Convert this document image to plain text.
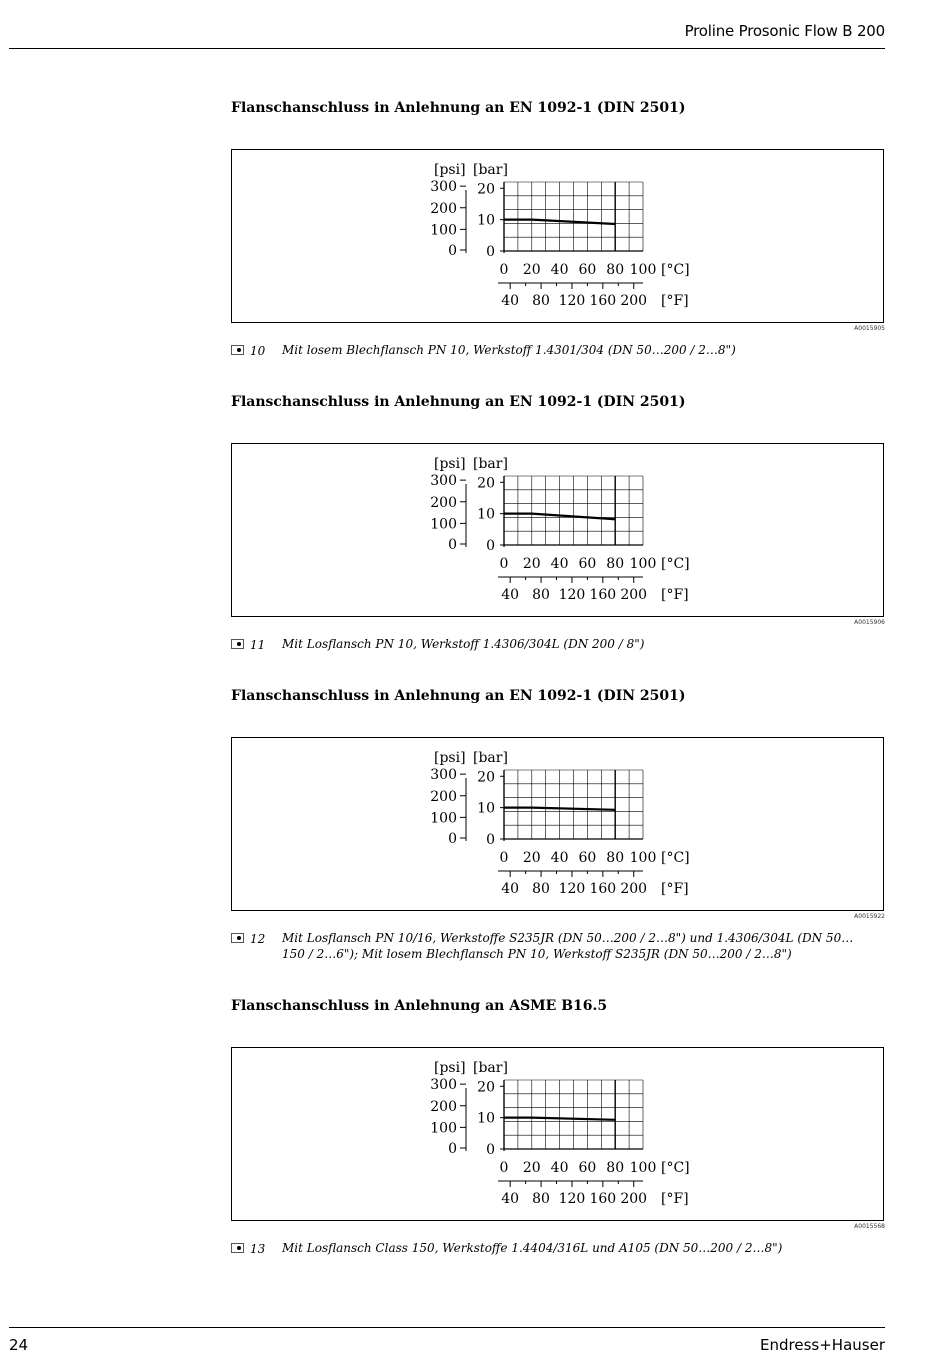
Proline Prosonic Flow B 200
Flanschanschluss in Anlehnung an EN 1092-1 (DIN 2501)
0
10
20
[bar]
0
100
200
300
[psi]
0 20 40 60 80 100 [°C]
40 80 120 160 200 [°F]
A0015905
10 Mit losem Blechflansch PN 10, Werkstoff 1.4301/304 (DN 50…200 / 2…8")
Flanschanschluss in Anlehnung an EN 1092-1 (DIN 2501)
0
10
20
[bar]
0
100
200
300
[psi]
0 20 40 60 80 100 [°C]
40 80 120 160 200 [°F]
A0015906
11 Mit Losflansch PN 10, Werkstoff 1.4306/304L (DN 200 / 8")
Flanschanschluss in Anlehnung an EN 1092-1 (DIN 2501)
0
10
20
[bar]
0
100
200
300
[psi]
0 20 40 60 80 100 [°C]
40 80 120 160 200 [°F]
A0015922
12 Mit Losflansch PN 10/16, Werkstoffe S235JR (DN 50…200 / 2…8") und 1.4306/304L (DN 50…150 / 2…6"); Mit losem Blechflansch PN 10, Werkstoff S235JR (DN 50…200 / 2…8")
Flanschanschluss in Anlehnung an ASME B16.5
0
10
20
[bar]
0
100
200
300
[psi]
0 20 40 60 80 100 [°C]
40 80 120 160 200 [°F]
A0015568
13 Mit Losflansch Class 150, Werkstoffe 1.4404/316L und A105 (DN 50…200 / 2…8")
24	Endress+Hauser
